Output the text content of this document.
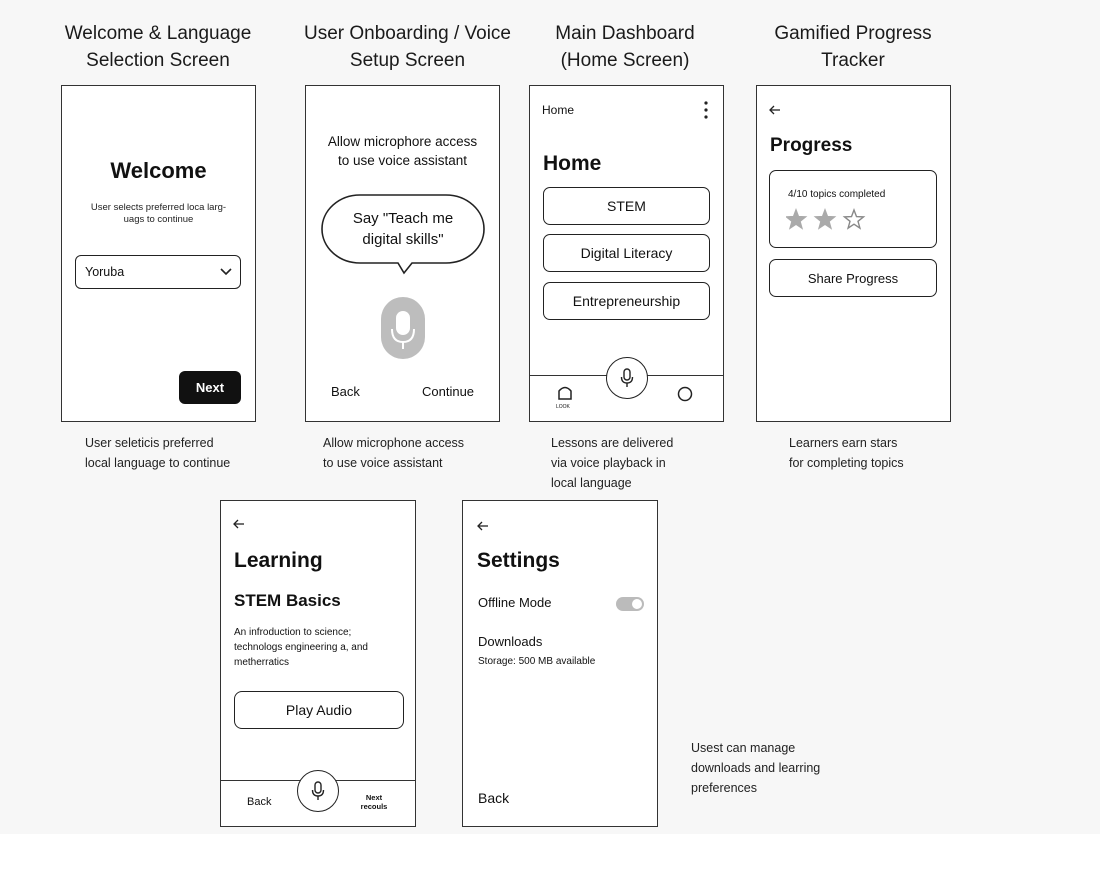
Welcome & Language
Selection Screen
Welcome
User selects preferred loca larg-
uags to continue
Yoruba
Next
User seleticis preferred
local language to continue
User Onboarding / Voice
Setup Screen
Allow microphore access
to use voice assistant
Say "Teach me
digital skills"
Back	Continue
Allow microphone access
to use voice assistant
Main Dashboard
(Home Screen)
Home
Home
STEM
Digital Literacy
Entrepreneurship
LOOK
Lessons are delivered
via voice playback in
local language
Gamified Progress
Tracker
Progress
4/10 topics completed
Share Progress
Learners earn stars
for completing topics
Learning
STEM Basics
An infroduction to science;
technologs engineering a, and
metherratics
Play Audio
Back	Next
recouls
Settings
Offline Mode
Downloads
Storage: 500 MB available
Back
Usest can manage
downloads and learring
preferences
